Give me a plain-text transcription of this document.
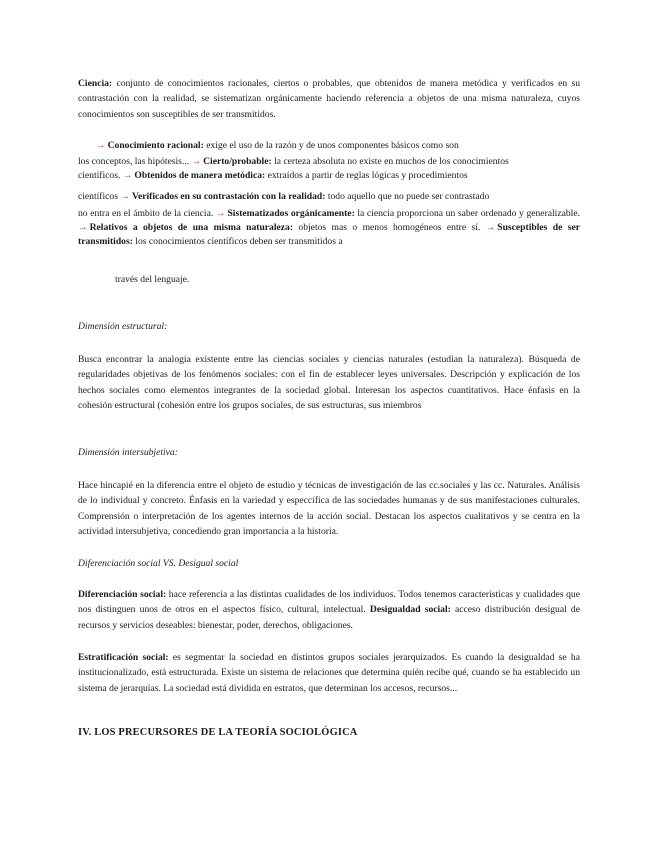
Ciencia: conjunto de conocimientos racionales, ciertos o probables, que obtenidos de manera metódica y verificados en su contrastación con la realidad, se sistematizan orgánicamente haciendo referencia a objetos de una misma naturaleza, cuyos conocimientos son susceptibles de ser transmitidos.
→ Conocimiento racional: exige el uso de la razón y de unos componentes básicos como son
los conceptos, las hipótesis... → Cierto/probable: la certeza absoluta no existe en muchos de los conocimientos
científicos. → Obtenidos de manera metódica: extraídos a partir de reglas lógicas y procedimientos
científicos → Verificados en su contrastación con la realidad: todo aquello que no puede ser contrastado
no entra en el ámbito de la ciencia. → Sistematizados orgánicamente: la ciencia proporciona un saber ordenado y generalizable. → Relativos a objetos de una misma naturaleza: objetos mas o menos homogéneos entre sí. → Susceptibles de ser transmitidos: los conocimientos científicos deben ser transmitidos a
través del lenguaje.
Dimensión estructural:
Busca encontrar la analogía existente entre las ciencias sociales y ciencias naturales (estudian la naturaleza). Búsqueda de regularidades objetivas de los fenómenos sociales: con el fin de establecer leyes universales. Descripción y explicación de los hechos sociales como elementos integrantes de la sociedad global. Interesan los aspectos cuantitativos. Hace énfasis en la cohesión estructural (cohesión entre los grupos sociales, de sus estructuras, sus miembros
Dimensión intersubjetiva:
Hace hincapié en la diferencia entre el objeto de estudio y técnicas de investigación de las cc.sociales y las cc. Naturales. Análisis de lo individual y concreto. Énfasis en la variedad y especcífica de las sociedades humanas y de sus manifestaciones culturales. Comprensión o interpretación de los agentes internos de la acción social. Destacan los aspectos cualitativos y se centra en la actividad intersubjetiva, concediendo gran importancia a la historia.
Diferenciación social VS. Desigual social
Diferenciación social: hace referencia a las distintas cualidades de los individuos. Todos tenemos características y cualidades que nos distinguen unos de otros en el aspectos físico, cultural, intelectual. Desigualdad social: acceso distribución desigual de recursos y servicios deseables: bienestar, poder, derechos, obligaciones.
Estratificación social: es segmentar la sociedad en distintos grupos sociales jerarquizados. Es cuando la desigualdad se ha institucionalizado, está estructurada. Existe un sistema de relaciones que determina quién recibe qué, cuando se ha establecido un sistema de jerarquías. La sociedad está dividida en estratos, que determinan los accesos, recursos...
IV. LOS PRECURSORES DE LA TEORÍA SOCIOLÓGICA
